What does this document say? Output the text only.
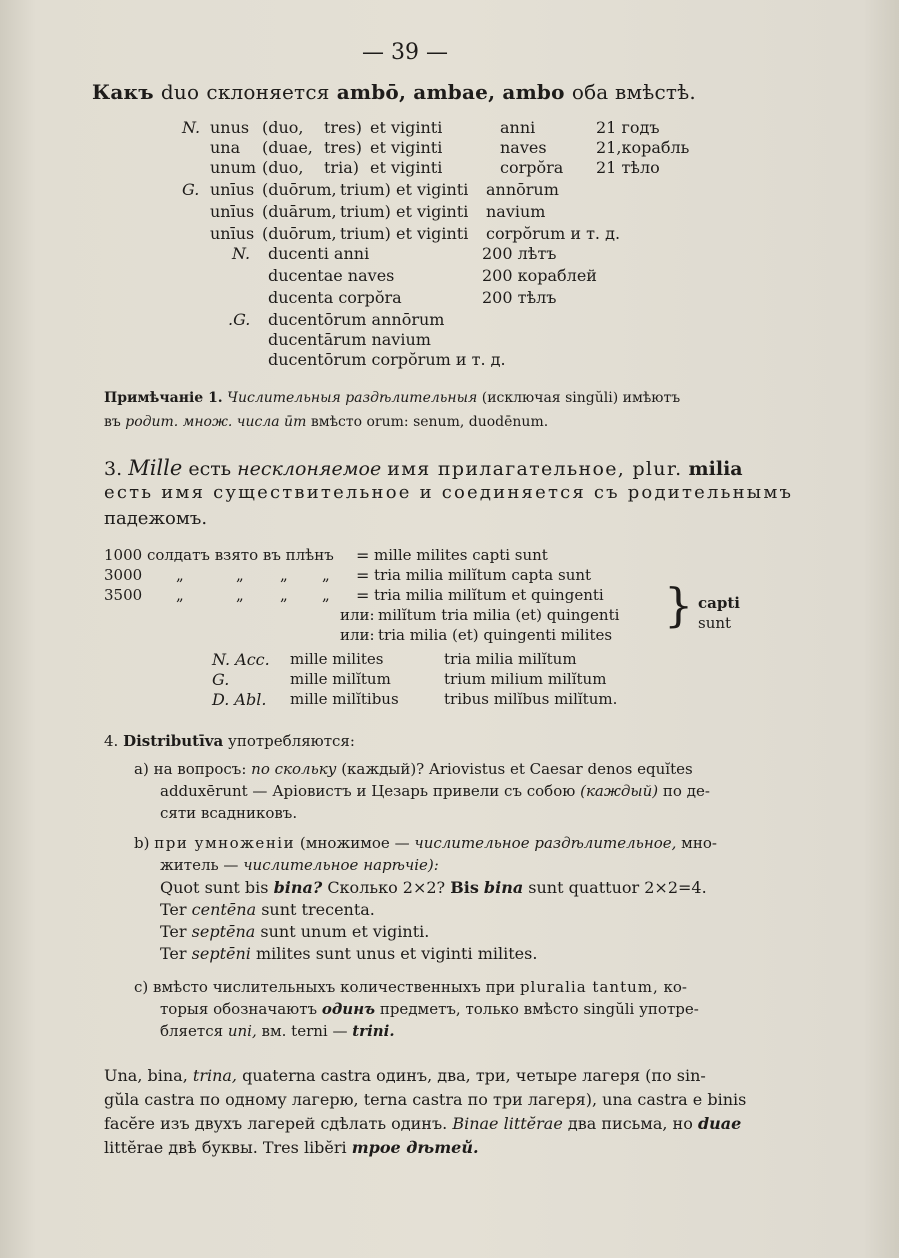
— 39 —
Какъ duo склоняется ambō, ambae, ambo оба вмѣстѣ.
N. unus (duo, tres) et viginti	anni	21 годъ
una (duae, tres) et viginti	naves	21,корабль
unum (duo, tria) et viginti	corpŏra 21 тѣло
G. unīus (duōrum, trium) et viginti annōrum
unīus (duārum, trium) et viginti navium
unīus (duōrum, trium) et viginti corpŏrum и т. д.
N. ducenti anni	200 лѣтъ
ducentae naves	200 кораблей
ducenta corpŏra	200 тѣлъ
.G. ducentōrum annōrum
ducentārum navium
ducentōrum corpŏrum и т. д.
Примѣчаніе 1. Числительныя раздѣлительныя (исключая singŭli) имѣютъ
въ родит. множ. числа ūm вмѣсто orum: senum, duodēnum.
3. Mille есть несклоняемое имя прилагательное, plur. milia
есть имя существительное и соединяется съ родительнымъ
падежомъ.
1000 солдатъ взято въ плѣнъ = mille milites capti sunt
3000 „	„ „ „ = tria milia milĭtum capta sunt
3500 „	„ „ „ = tria milia milĭtum et quingenti
или: milĭtum tria milia (et) quingenti
или: tria milia (et) quingenti milites
} capti
sunt
N. Acc. mille milites	tria milia milĭtum
G.	mille milĭtum	trium milium milĭtum
D. Abl. mille milĭtibus	tribus milĭbus milĭtum.
4. Distributīva употребляются:
a) на вопросъ: по скольку (каждый)? Ariovistus et Caesar denos equĭtes
adduxērunt — Аріовистъ и Цезарь привели съ собою (каждый) по де-
сяти всадниковъ.
b) при умноженіи (множимое — числительное раздѣлительное, мно-
житель — числительное нарѣчіе):
Quot sunt bis bina? Сколько 2×2? Bis bina sunt quattuor 2×2=4.
Ter centēna sunt trecenta.
Ter septēna sunt unum et viginti.
Ter septēni milites sunt unus et viginti milites.
c) вмѣсто числительныхъ количественныхъ при pluralia tantum, ко-
торыя обозначаютъ одинъ предметъ, только вмѣсто singŭli употре-
бляется uni, вм. terni — trini.
Una, bina, trina, quaterna castra одинъ, два, три, четыре лагеря (по sin-
gŭla castra по одному лагерю, terna castra по три лагеря), una castra e binis
facĕre изъ двухъ лагерей сдѣлать одинъ. Binae littĕrae два письма, но duae
littĕrae двѣ буквы. Tres libĕri трое дѣтей.
